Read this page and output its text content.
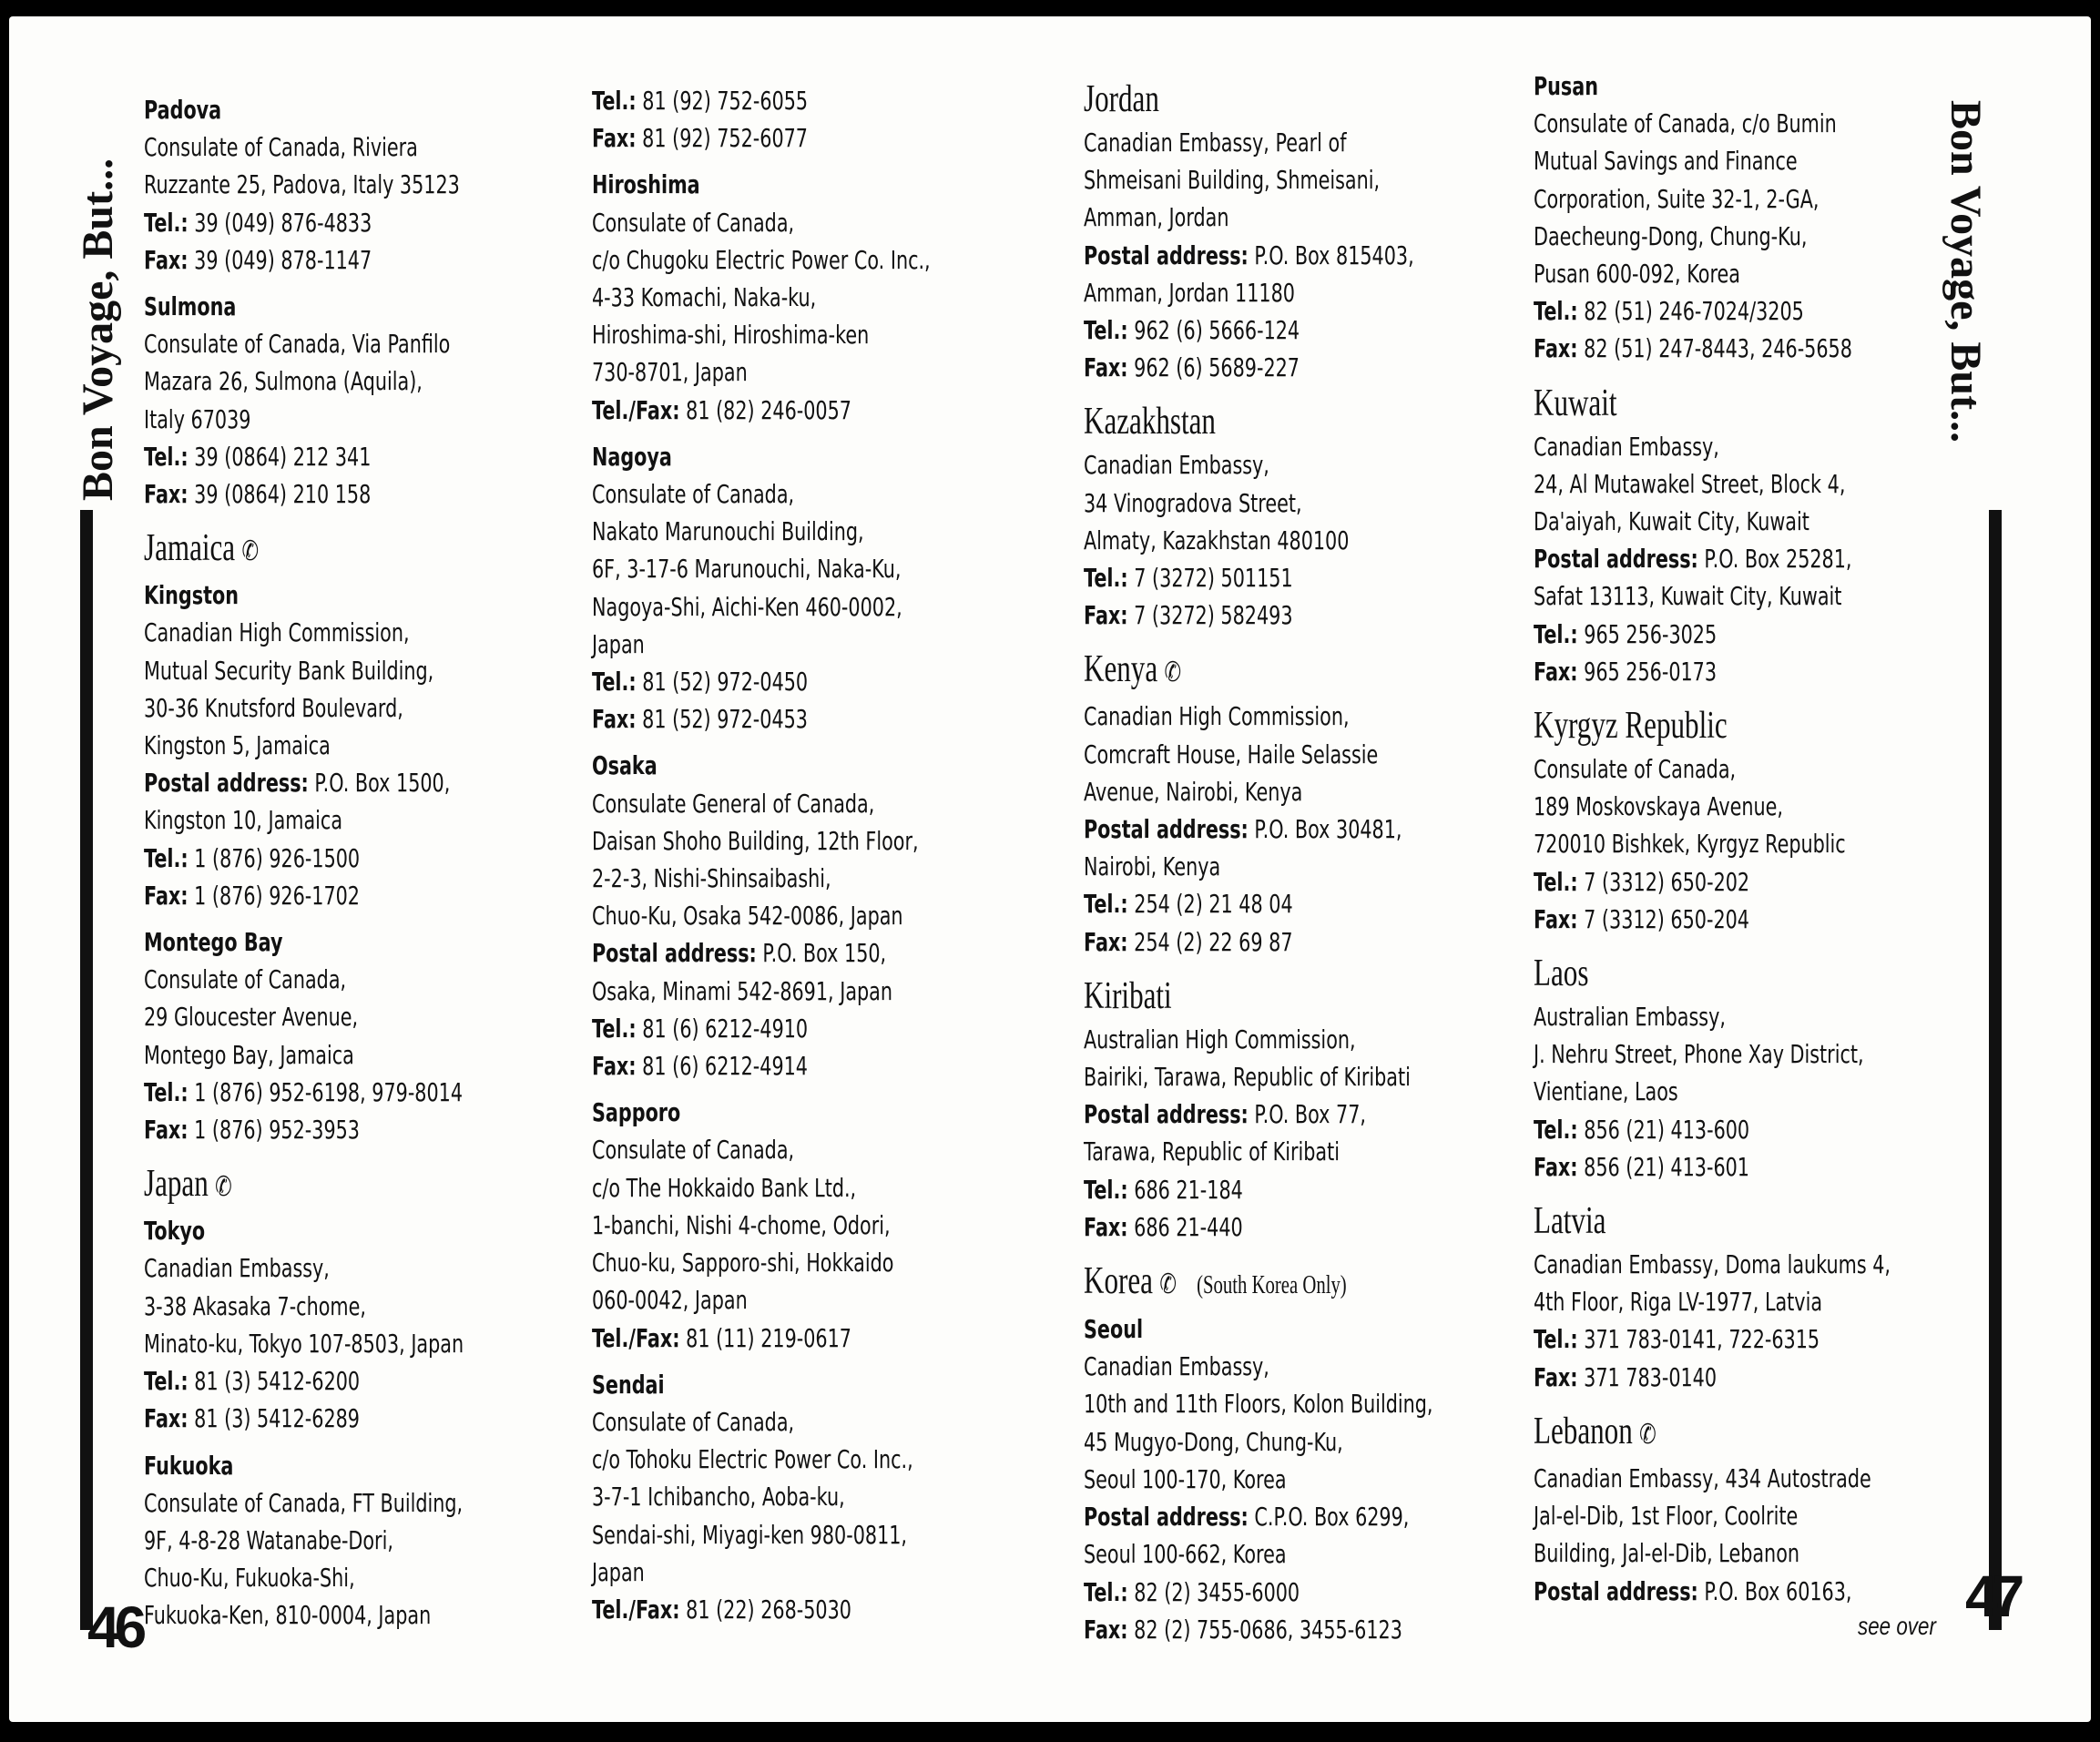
Bon Voyage, But...
46
Bon Voyage, But...
47
Padova
Consulate of Canada, Riviera
Ruzzante 25, Padova, Italy 35123
Tel.: 39 (049) 876-4833
Fax: 39 (049) 878-1147
Sulmona
Consulate of Canada, Via Panfilo
Mazara 26, Sulmona (Aquila),
Italy 67039
Tel.: 39 (0864) 212 341
Fax: 39 (0864) 210 158
Jamaica ✆
Kingston
Canadian High Commission,
Mutual Security Bank Building,
30-36 Knutsford Boulevard,
Kingston 5, Jamaica
Postal address: P.O. Box 1500,
Kingston 10, Jamaica
Tel.: 1 (876) 926-1500
Fax: 1 (876) 926-1702
Montego Bay
Consulate of Canada,
29 Gloucester Avenue,
Montego Bay, Jamaica
Tel.: 1 (876) 952-6198, 979-8014
Fax: 1 (876) 952-3953
Japan ✆
Tokyo
Canadian Embassy,
3-38 Akasaka 7-chome,
Minato-ku, Tokyo 107-8503, Japan
Tel.: 81 (3) 5412-6200
Fax: 81 (3) 5412-6289
Fukuoka
Consulate of Canada, FT Building,
9F, 4-8-28 Watanabe-Dori,
Chuo-Ku, Fukuoka-Shi,
Fukuoka-Ken, 810-0004, Japan
Tel.: 81 (92) 752-6055
Fax: 81 (92) 752-6077
Hiroshima
Consulate of Canada,
c/o Chugoku Electric Power Co. Inc.,
4-33 Komachi, Naka-ku,
Hiroshima-shi, Hiroshima-ken
730-8701, Japan
Tel./Fax: 81 (82) 246-0057
Nagoya
Consulate of Canada,
Nakato Marunouchi Building,
6F, 3-17-6 Marunouchi, Naka-Ku,
Nagoya-Shi, Aichi-Ken 460-0002,
Japan
Tel.: 81 (52) 972-0450
Fax: 81 (52) 972-0453
Osaka
Consulate General of Canada,
Daisan Shoho Building, 12th Floor,
2-2-3, Nishi-Shinsaibashi,
Chuo-Ku, Osaka 542-0086, Japan
Postal address: P.O. Box 150,
Osaka, Minami 542-8691, Japan
Tel.: 81 (6) 6212-4910
Fax: 81 (6) 6212-4914
Sapporo
Consulate of Canada,
c/o The Hokkaido Bank Ltd.,
1-banchi, Nishi 4-chome, Odori,
Chuo-ku, Sapporo-shi, Hokkaido
060-0042, Japan
Tel./Fax: 81 (11) 219-0617
Sendai
Consulate of Canada,
c/o Tohoku Electric Power Co. Inc.,
3-7-1 Ichibancho, Aoba-ku,
Sendai-shi, Miyagi-ken 980-0811,
Japan
Tel./Fax: 81 (22) 268-5030
Jordan
Canadian Embassy, Pearl of
Shmeisani Building, Shmeisani,
Amman, Jordan
Postal address: P.O. Box 815403,
Amman, Jordan 11180
Tel.: 962 (6) 5666-124
Fax: 962 (6) 5689-227
Kazakhstan
Canadian Embassy,
34 Vinogradova Street,
Almaty, Kazakhstan 480100
Tel.: 7 (3272) 501151
Fax: 7 (3272) 582493
Kenya ✆
Canadian High Commission,
Comcraft House, Haile Selassie
Avenue, Nairobi, Kenya
Postal address: P.O. Box 30481,
Nairobi, Kenya
Tel.: 254 (2) 21 48 04
Fax: 254 (2) 22 69 87
Kiribati
Australian High Commission,
Bairiki, Tarawa, Republic of Kiribati
Postal address: P.O. Box 77,
Tarawa, Republic of Kiribati
Tel.: 686 21-184
Fax: 686 21-440
Korea ✆ (South Korea Only)
Seoul
Canadian Embassy,
10th and 11th Floors, Kolon Building,
45 Mugyo-Dong, Chung-Ku,
Seoul 100-170, Korea
Postal address: C.P.O. Box 6299,
Seoul 100-662, Korea
Tel.: 82 (2) 3455-6000
Fax: 82 (2) 755-0686, 3455-6123
Pusan
Consulate of Canada, c/o Bumin
Mutual Savings and Finance
Corporation, Suite 32-1, 2-GA,
Daecheung-Dong, Chung-Ku,
Pusan 600-092, Korea
Tel.: 82 (51) 246-7024/3205
Fax: 82 (51) 247-8443, 246-5658
Kuwait
Canadian Embassy,
24, Al Mutawakel Street, Block 4,
Da'aiyah, Kuwait City, Kuwait
Postal address: P.O. Box 25281,
Safat 13113, Kuwait City, Kuwait
Tel.: 965 256-3025
Fax: 965 256-0173
Kyrgyz Republic
Consulate of Canada,
189 Moskovskaya Avenue,
720010 Bishkek, Kyrgyz Republic
Tel.: 7 (3312) 650-202
Fax: 7 (3312) 650-204
Laos
Australian Embassy,
J. Nehru Street, Phone Xay District,
Vientiane, Laos
Tel.: 856 (21) 413-600
Fax: 856 (21) 413-601
Latvia
Canadian Embassy, Doma laukums 4,
4th Floor, Riga LV-1977, Latvia
Tel.: 371 783-0141, 722-6315
Fax: 371 783-0140
Lebanon ✆
Canadian Embassy, 434 Autostrade
Jal-el-Dib, 1st Floor, Coolrite
Building, Jal-el-Dib, Lebanon
Postal address: P.O. Box 60163,
see over
